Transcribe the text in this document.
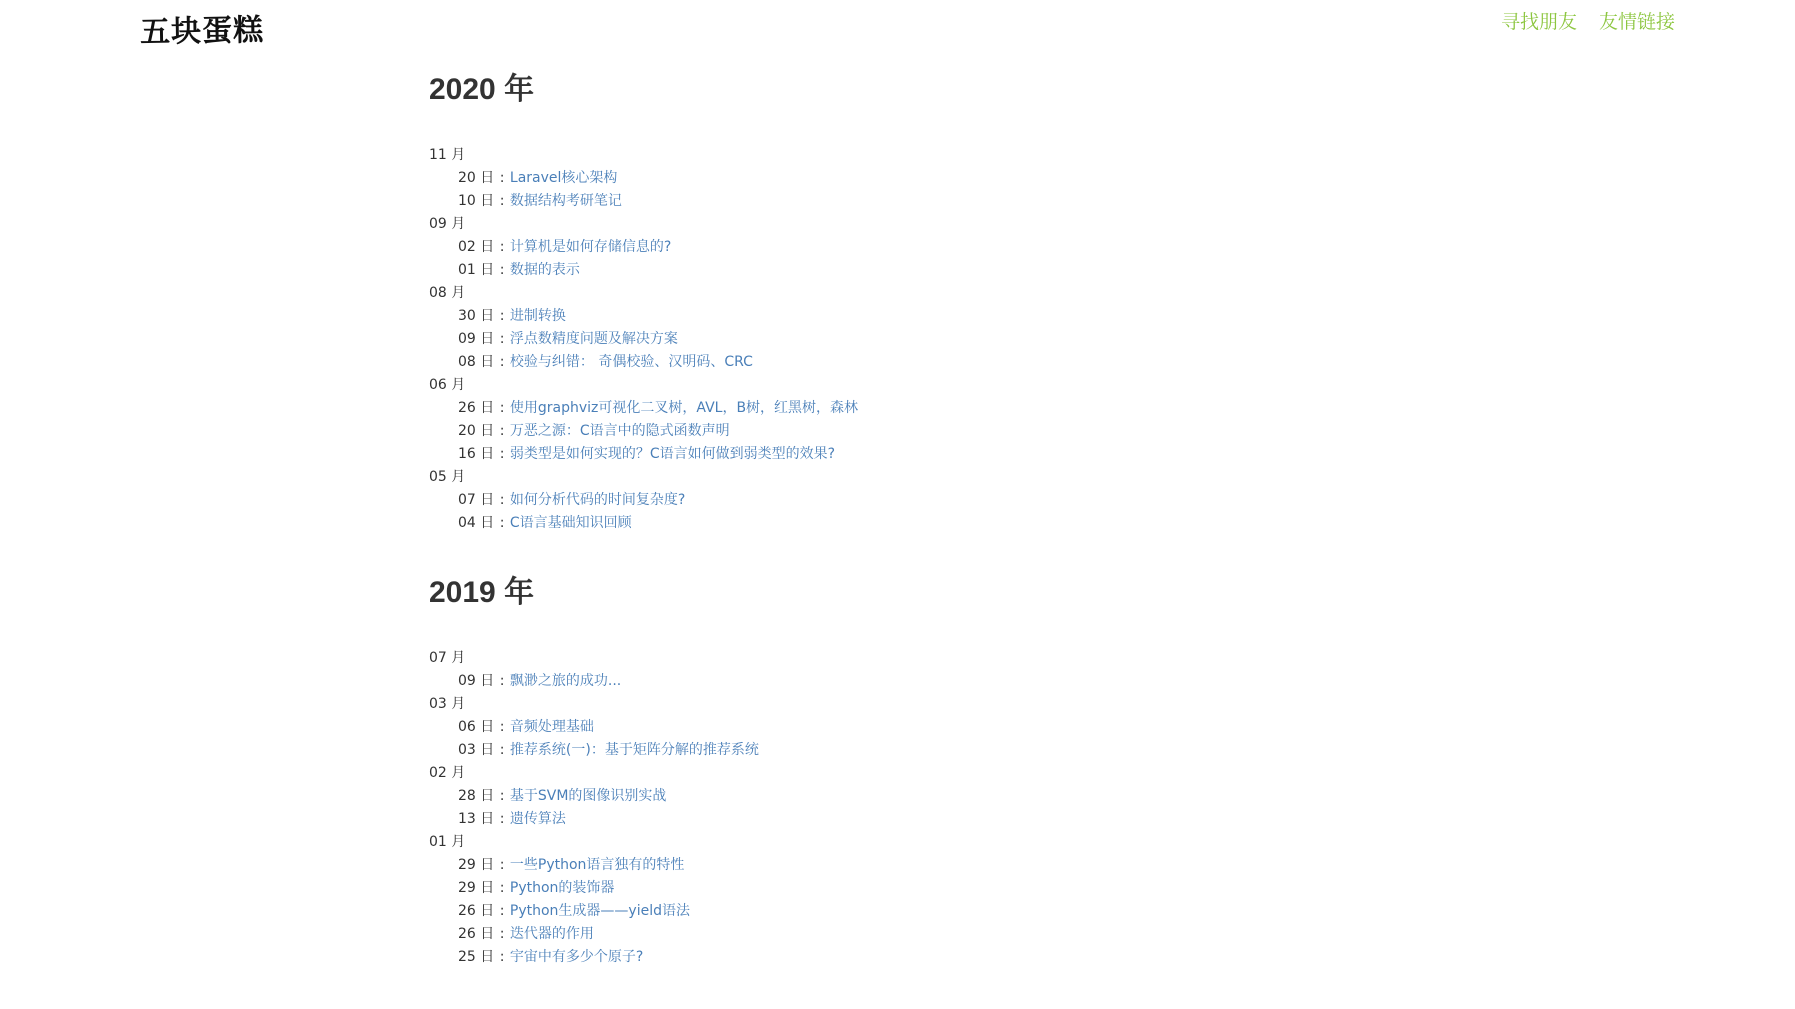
五块蛋糕	寻找朋友 友情链接
2020 年
11 月
20 日 : Laravel核心架构
10 日 : 数据结构考研笔记
09 月
02 日 : 计算机是如何存储信息的?
01 日 : 数据的表示
08 月
30 日 : 进制转换
09 日 : 浮点数精度问题及解决方案
08 日 : 校验与纠错： 奇偶校验、汉明码、CRC
06 月
26 日 : 使用graphviz可视化二叉树，AVL，B树，红黑树，森林
20 日 : 万恶之源：C语言中的隐式函数声明
16 日 : 弱类型是如何实现的？C语言如何做到弱类型的效果?
05 月
07 日 : 如何分析代码的时间复杂度?
04 日 : C语言基础知识回顾
2019 年
07 月
09 日 : 飘渺之旅的成功...
03 月
06 日 : 音频处理基础
03 日 : 推荐系统(一)：基于矩阵分解的推荐系统
02 月
28 日 : 基于SVM的图像识别实战
13 日 : 遗传算法
01 月
29 日 : 一些Python语言独有的特性
29 日 : Python的装饰器
26 日 : Python生成器——yield语法
26 日 : 迭代器的作用
25 日 : 宇宙中有多少个原子?
